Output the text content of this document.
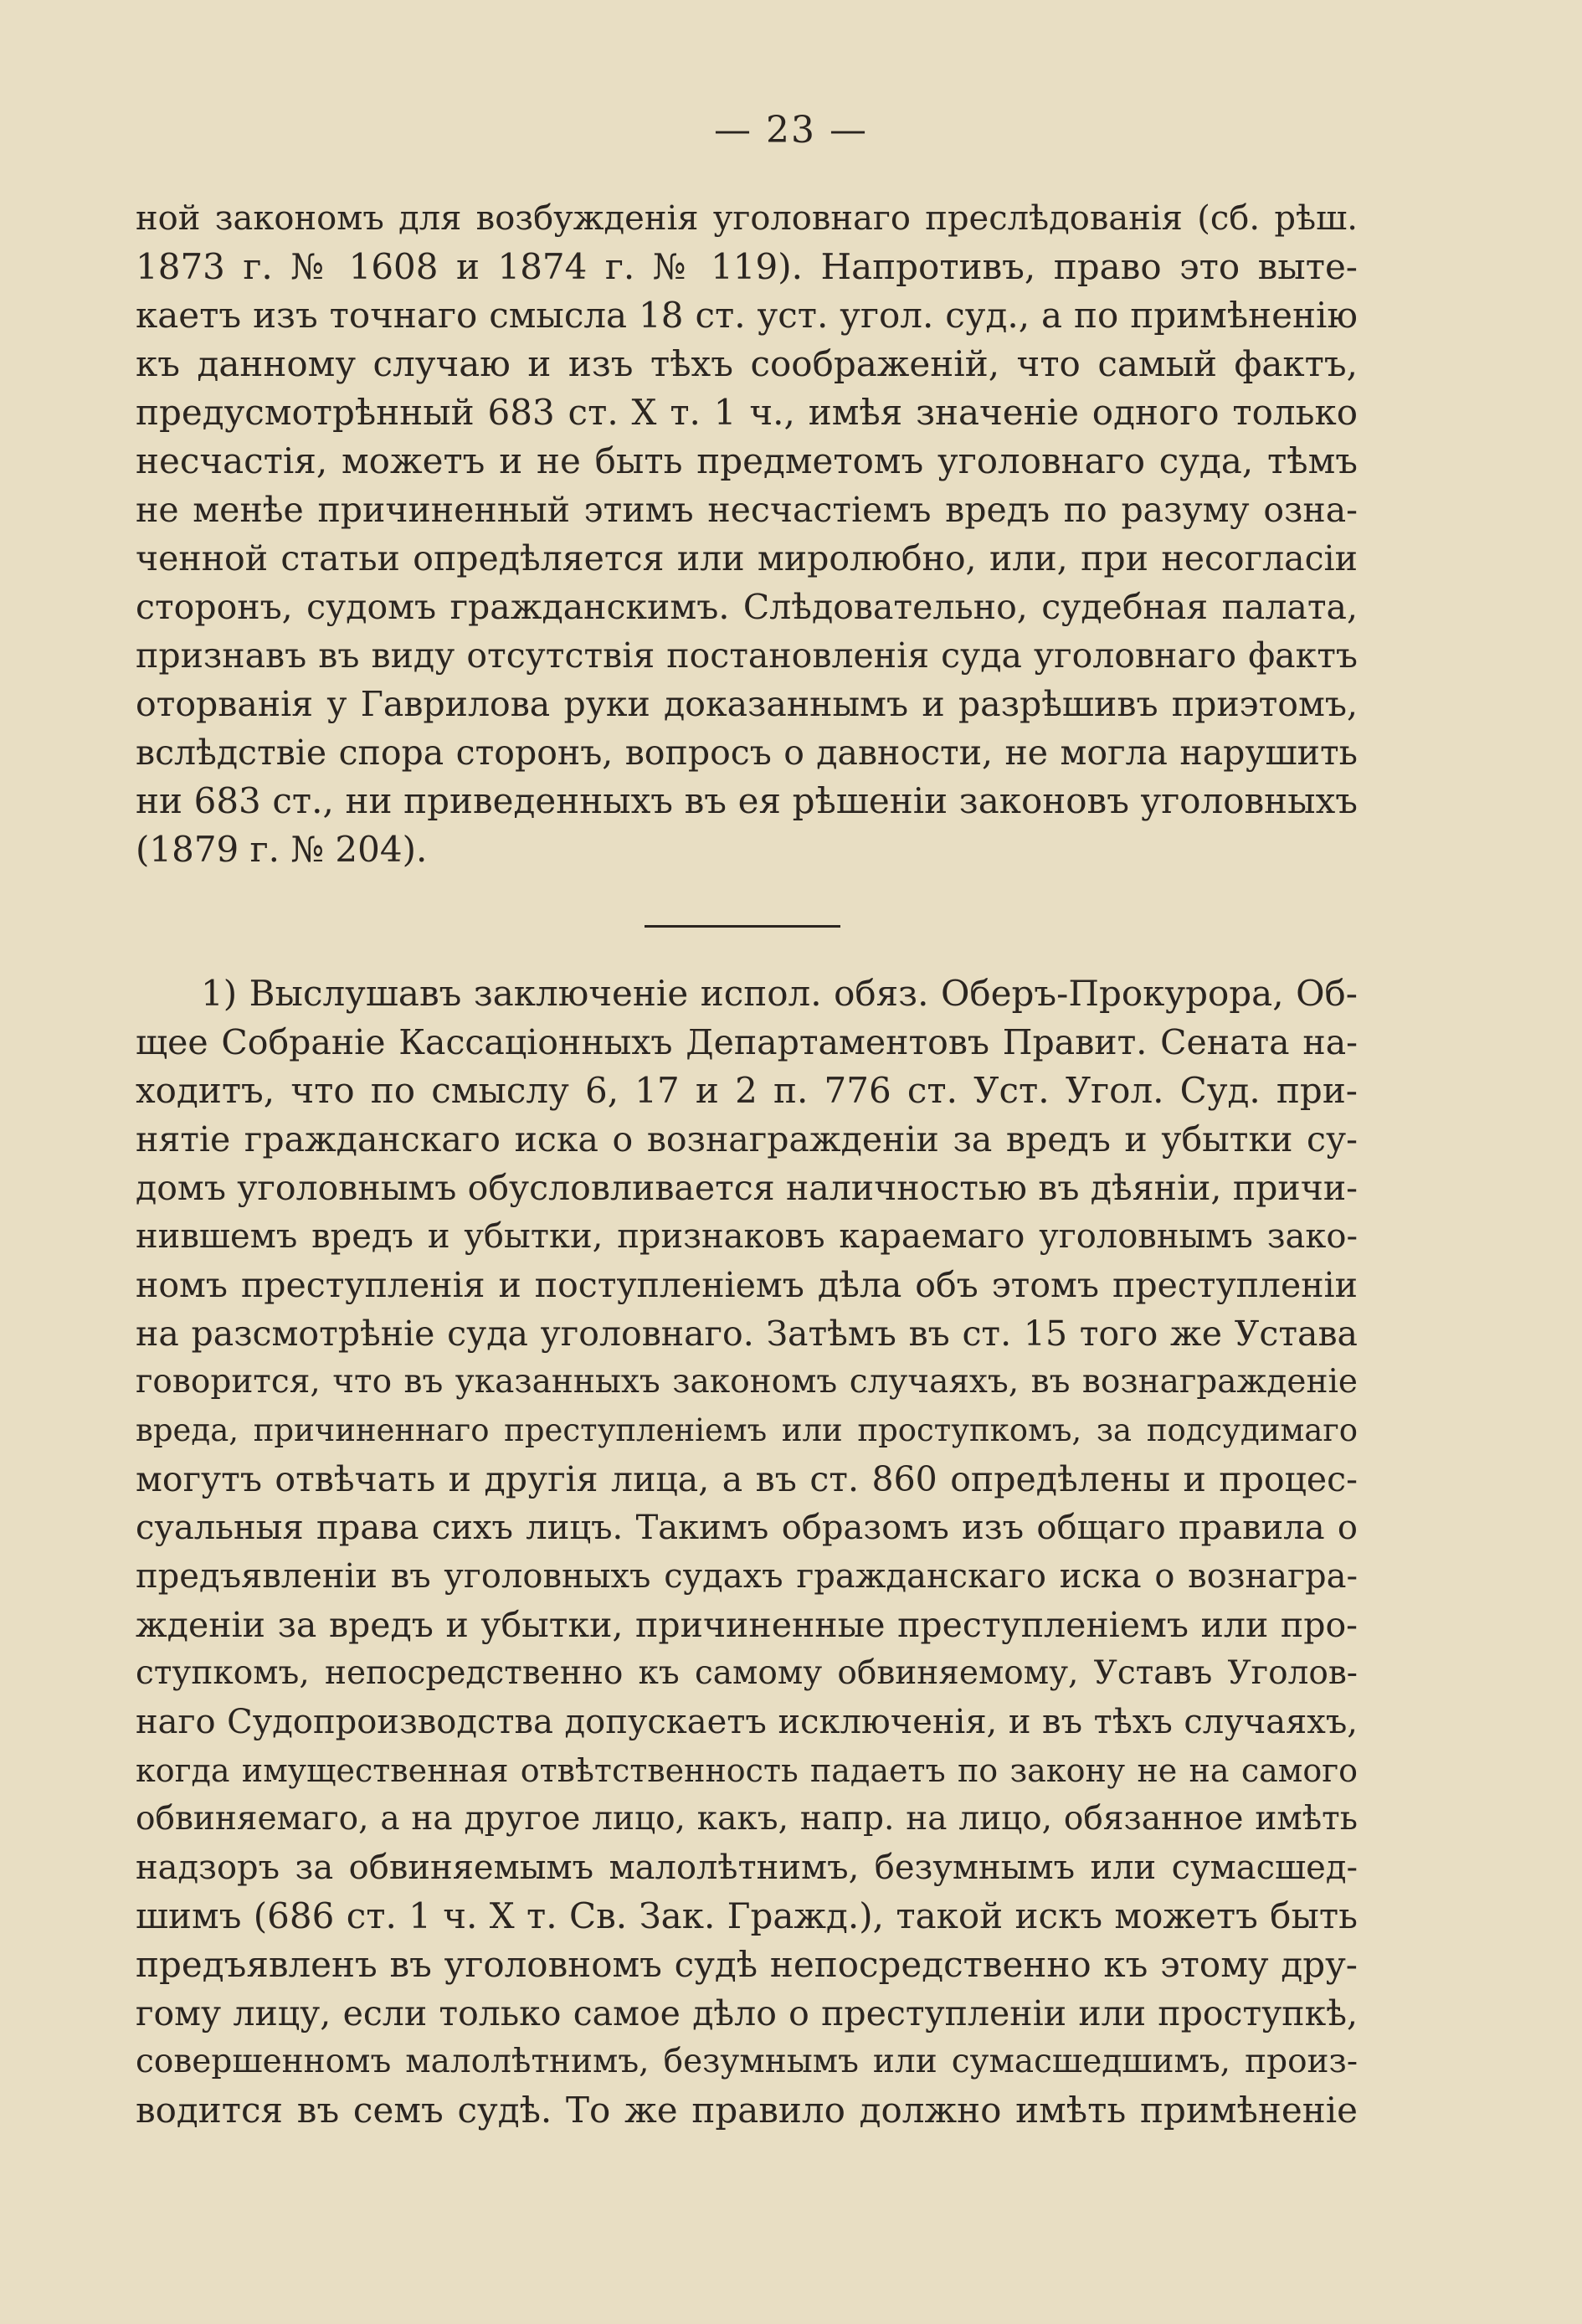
— 23 —
ной закономъ для возбужденія уголовнаго преслѣдованія (сб. рѣш.
1873 г. № 1608 и 1874 г. № 119). Напротивъ, право это выте-
каетъ изъ точнаго смысла 18 ст. уст. угол. суд., а по примѣненію
къ данному случаю и изъ тѣхъ соображеній, что самый фактъ,
предусмотрѣнный 683 ст. X т. 1 ч., имѣя значеніе одного только
несчастія, можетъ и не быть предметомъ уголовнаго суда, тѣмъ
не менѣе причиненный этимъ несчастіемъ вредъ по разуму озна-
ченной статьи опредѣляется или миролюбно, или, при несогласіи
сторонъ, судомъ гражданскимъ. Слѣдовательно, судебная палата,
признавъ въ виду отсутствія постановленія суда уголовнаго фактъ
оторванія у Гаврилова руки доказаннымъ и разрѣшивъ приэтомъ,
вслѣдствіе спора сторонъ, вопросъ о давности, не могла нарушить
ни 683 ст., ни приведенныхъ въ ея рѣшеніи законовъ уголовныхъ
(1879 г. № 204).
1) Выслушавъ заключеніе испол. обяз. Оберъ-Прокурора, Об-
щее Собраніе Кассаціонныхъ Департаментовъ Правит. Сената на-
ходитъ, что по смыслу 6, 17 и 2 п. 776 ст. Уст. Угол. Суд. при-
нятіе гражданскаго иска о вознагражденіи за вредъ и убытки су-
домъ уголовнымъ обусловливается наличностью въ дѣяніи, причи-
нившемъ вредъ и убытки, признаковъ караемаго уголовнымъ зако-
номъ преступленія и поступленіемъ дѣла объ этомъ преступленіи
на разсмотрѣніе суда уголовнаго. Затѣмъ въ ст. 15 того же Устава
говорится, что въ указанныхъ закономъ случаяхъ, въ вознагражденіе
вреда, причиненнаго преступленіемъ или проступкомъ, за подсудимаго
могутъ отвѣчать и другія лица, а въ ст. 860 опредѣлены и процес-
суальныя права сихъ лицъ. Такимъ образомъ изъ общаго правила о
предъявленіи въ уголовныхъ судахъ гражданскаго иска о вознагра-
жденіи за вредъ и убытки, причиненные преступленіемъ или про-
ступкомъ, непосредственно къ самому обвиняемому, Уставъ Уголов-
наго Судопроизводства допускаетъ исключенія, и въ тѣхъ случаяхъ,
когда имущественная отвѣтственность падаетъ по закону не на самого
обвиняемаго, а на другое лицо, какъ, напр. на лицо, обязанное имѣть
надзоръ за обвиняемымъ малолѣтнимъ, безумнымъ или сумасшед-
шимъ (686 ст. 1 ч. X т. Св. Зак. Гражд.), такой искъ можетъ быть
предъявленъ въ уголовномъ судѣ непосредственно къ этому дру-
гому лицу, если только самое дѣло о преступленіи или проступкѣ,
совершенномъ малолѣтнимъ, безумнымъ или сумасшедшимъ, произ-
водится въ семъ судѣ. То же правило должно имѣть примѣненіе
